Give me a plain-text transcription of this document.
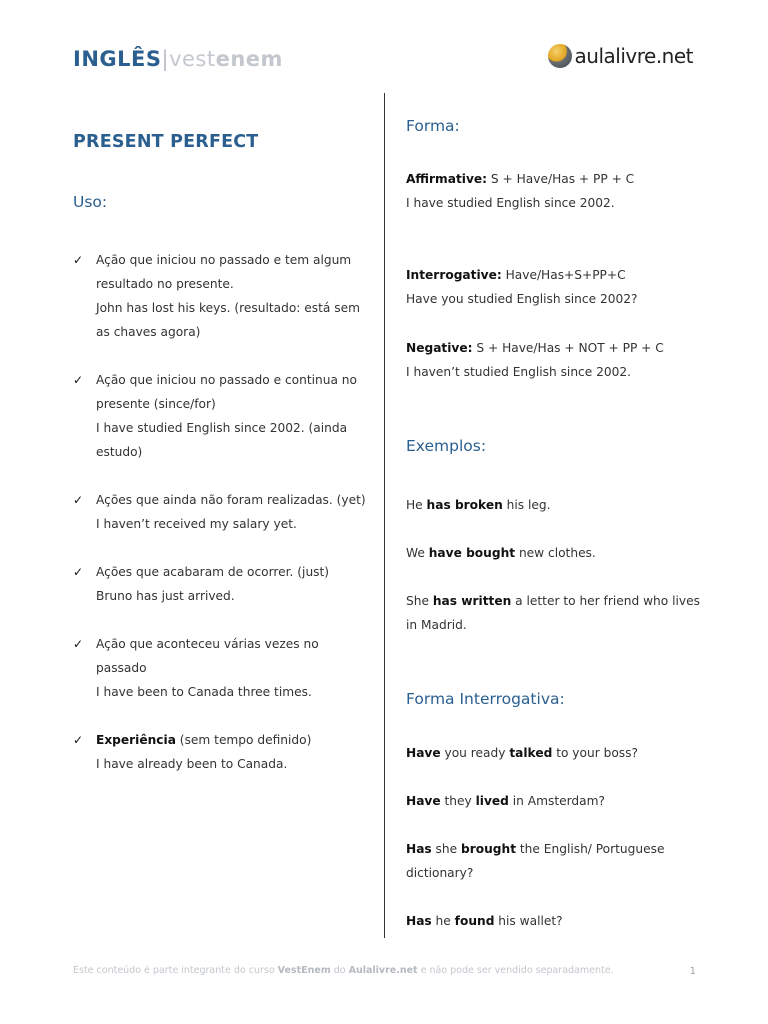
INGLÊS|vestenem	aulalivre.net
PRESENT PERFECT
Uso:
✓ Ação que iniciou no passado e tem algum
resultado no presente.
John has lost his keys. (resultado: está sem
as chaves agora)
✓ Ação que iniciou no passado e continua no
presente (since/for)
I have studied English since 2002. (ainda
estudo)
✓ Ações que ainda não foram realizadas. (yet)
I haven’t received my salary yet.
✓ Ações que acabaram de ocorrer. (just)
Bruno has just arrived.
✓ Ação que aconteceu várias vezes no
passado
I have been to Canada three times.
✓ Experiência (sem tempo definido)
I have already been to Canada.
Forma:
Affirmative: S + Have/Has + PP + C
I have studied English since 2002.
Interrogative: Have/Has+S+PP+C
Have you studied English since 2002?
Negative: S + Have/Has + NOT + PP + C
I haven’t studied English since 2002.
Exemplos:
He has broken his leg.
We have bought new clothes.
She has written a letter to her friend who lives
in Madrid.
Forma Interrogativa:
Have you ready talked to your boss?
Have they lived in Amsterdam?
Has she brought the English/ Portuguese
dictionary?
Has he found his wallet?
Este conteúdo é parte integrante do curso VestEnem do Aulalivre.net e não pode ser vendido separadamente.	1
